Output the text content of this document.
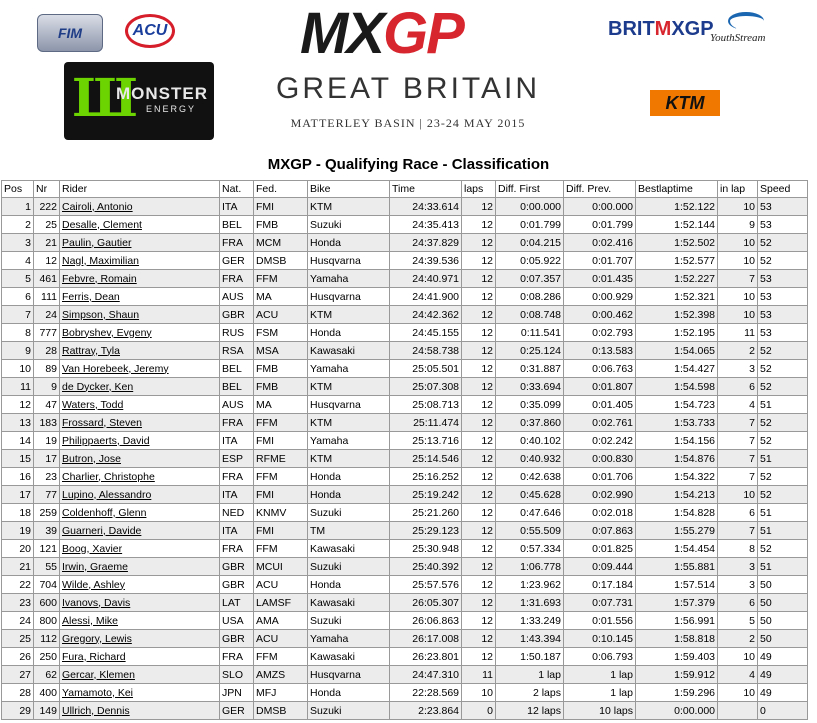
FIM	ACU
Ш
MONSTER
ENERGY
MXGP
GREAT BRITAIN
MATTERLEY BASIN | 23-24 MAY 2015
BRITMXGP
YouthStream
KTM
MXGP - Qualifying Race - Classification
Pos	Nr	Rider	Nat.	Fed.	Bike	Time	laps	Diff. First	Diff. Prev.	Bestlaptime	in lap	Speed
1	222	Cairoli, Antonio	ITA	FMI	KTM	24:33.614	12	0:00.000	0:00.000	1:52.122	10	53
2	25	Desalle, Clement	BEL	FMB	Suzuki	24:35.413	12	0:01.799	0:01.799	1:52.144	9	53
3	21	Paulin, Gautier	FRA	MCM	Honda	24:37.829	12	0:04.215	0:02.416	1:52.502	10	52
4	12	Nagl, Maximilian	GER	DMSB	Husqvarna	24:39.536	12	0:05.922	0:01.707	1:52.577	10	52
5	461	Febvre, Romain	FRA	FFM	Yamaha	24:40.971	12	0:07.357	0:01.435	1:52.227	7	53
6	111	Ferris, Dean	AUS	MA	Husqvarna	24:41.900	12	0:08.286	0:00.929	1:52.321	10	53
7	24	Simpson, Shaun	GBR	ACU	KTM	24:42.362	12	0:08.748	0:00.462	1:52.398	10	53
8	777	Bobryshev, Evgeny	RUS	FSM	Honda	24:45.155	12	0:11.541	0:02.793	1:52.195	11	53
9	28	Rattray, Tyla	RSA	MSA	Kawasaki	24:58.738	12	0:25.124	0:13.583	1:54.065	2	52
10	89	Van Horebeek, Jeremy	BEL	FMB	Yamaha	25:05.501	12	0:31.887	0:06.763	1:54.427	3	52
11	9	de Dycker, Ken	BEL	FMB	KTM	25:07.308	12	0:33.694	0:01.807	1:54.598	6	52
12	47	Waters, Todd	AUS	MA	Husqvarna	25:08.713	12	0:35.099	0:01.405	1:54.723	4	51
13	183	Frossard, Steven	FRA	FFM	KTM	25:11.474	12	0:37.860	0:02.761	1:53.733	7	52
14	19	Philippaerts, David	ITA	FMI	Yamaha	25:13.716	12	0:40.102	0:02.242	1:54.156	7	52
15	17	Butron, Jose	ESP	RFME	KTM	25:14.546	12	0:40.932	0:00.830	1:54.876	7	51
16	23	Charlier, Christophe	FRA	FFM	Honda	25:16.252	12	0:42.638	0:01.706	1:54.322	7	52
17	77	Lupino, Alessandro	ITA	FMI	Honda	25:19.242	12	0:45.628	0:02.990	1:54.213	10	52
18	259	Coldenhoff, Glenn	NED	KNMV	Suzuki	25:21.260	12	0:47.646	0:02.018	1:54.828	6	51
19	39	Guarneri, Davide	ITA	FMI	TM	25:29.123	12	0:55.509	0:07.863	1:55.279	7	51
20	121	Boog, Xavier	FRA	FFM	Kawasaki	25:30.948	12	0:57.334	0:01.825	1:54.454	8	52
21	55	Irwin, Graeme	GBR	MCUI	Suzuki	25:40.392	12	1:06.778	0:09.444	1:55.881	3	51
22	704	Wilde, Ashley	GBR	ACU	Honda	25:57.576	12	1:23.962	0:17.184	1:57.514	3	50
23	600	Ivanovs, Davis	LAT	LAMSF	Kawasaki	26:05.307	12	1:31.693	0:07.731	1:57.379	6	50
24	800	Alessi, Mike	USA	AMA	Suzuki	26:06.863	12	1:33.249	0:01.556	1:56.991	5	50
25	112	Gregory, Lewis	GBR	ACU	Yamaha	26:17.008	12	1:43.394	0:10.145	1:58.818	2	50
26	250	Fura, Richard	FRA	FFM	Kawasaki	26:23.801	12	1:50.187	0:06.793	1:59.403	10	49
27	62	Gercar, Klemen	SLO	AMZS	Husqvarna	24:47.310	11	1 lap	1 lap	1:59.912	4	49
28	400	Yamamoto, Kei	JPN	MFJ	Honda	22:28.569	10	2 laps	1 lap	1:59.296	10	49
29	149	Ullrich, Dennis	GER	DMSB	Suzuki	2:23.864	0	12 laps	10 laps	0:00.000		0
